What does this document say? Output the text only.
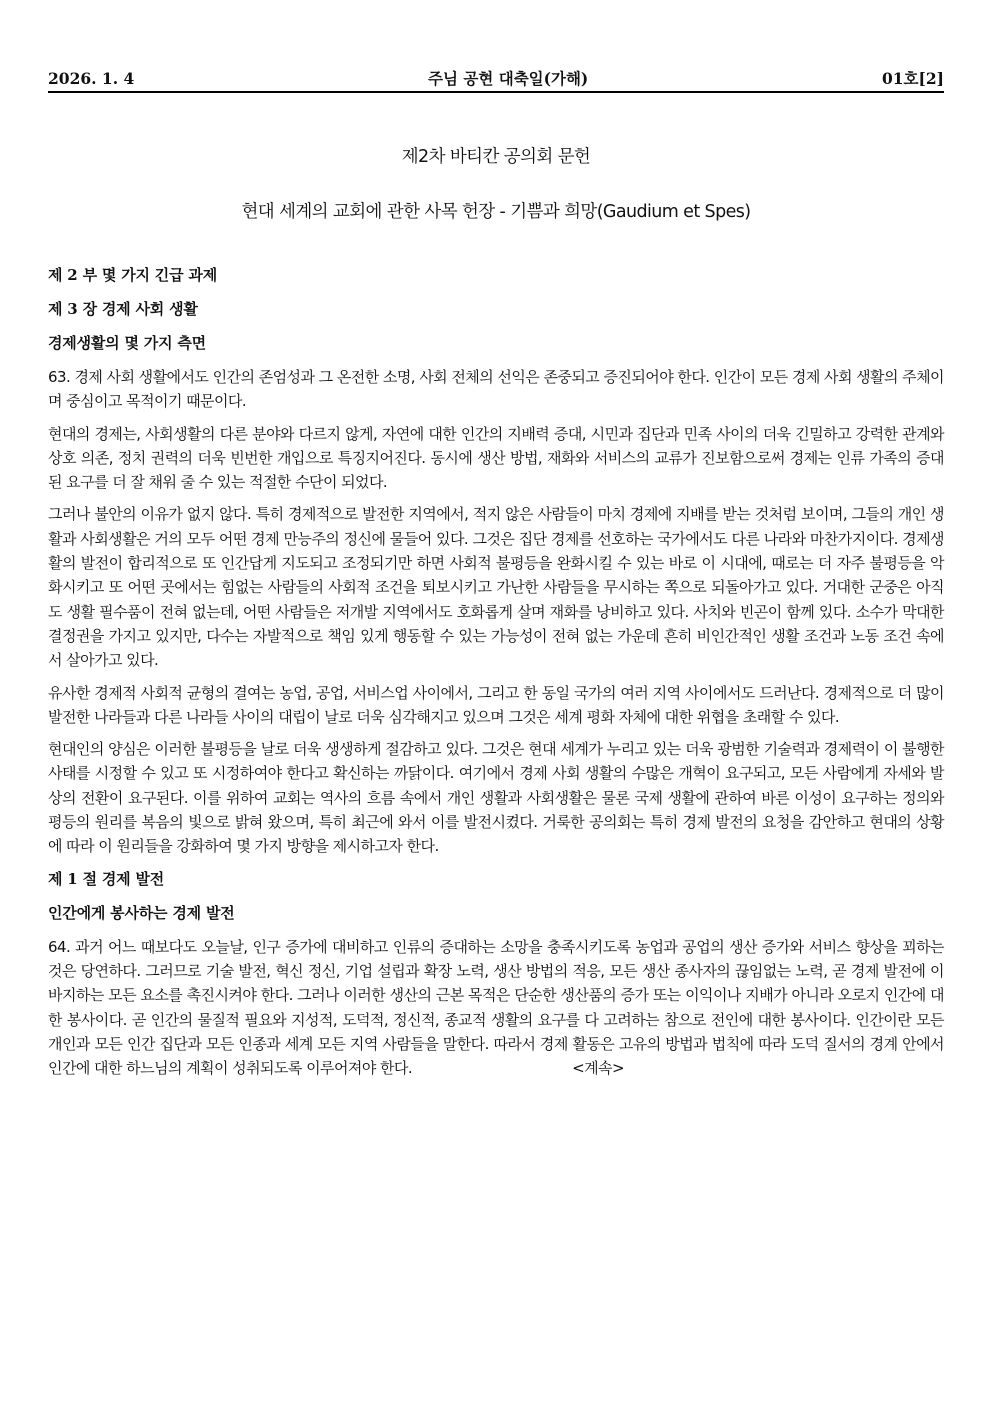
2026. 1. 4	주님 공현 대축일(가해)	01호[2]
제2차 바티칸 공의회 문헌
현대 세계의 교회에 관한 사목 헌장 - 기쁨과 희망(Gaudium et Spes)
제 2 부 몇 가지 긴급 과제
제 3 장 경제 사회 생활
경제생활의 몇 가지 측면

63. 경제 사회 생활에서도 인간의 존엄성과 그 온전한 소명, 사회 전체의 선익은 존중되고 증진되어야 한다. 인간이 모든 경제 사회 생활의 주체이며 중심이고 목적이기 때문이다.

현대의 경제는, 사회생활의 다른 분야와 다르지 않게, 자연에 대한 인간의 지배력 증대, 시민과 집단과 민족 사이의 더욱 긴밀하고 강력한 관계와 상호 의존, 정치 권력의 더욱 빈번한 개입으로 특징지어진다. 동시에 생산 방법, 재화와 서비스의 교류가 진보함으로써 경제는 인류 가족의 증대된 요구를 더 잘 채워 줄 수 있는 적절한 수단이 되었다.

그러나 불안의 이유가 없지 않다. 특히 경제적으로 발전한 지역에서, 적지 않은 사람들이 마치 경제에 지배를 받는 것처럼 보이며, 그들의 개인 생활과 사회생활은 거의 모두 어떤 경제 만능주의 정신에 물들어 있다. 그것은 집단 경제를 선호하는 국가에서도 다른 나라와 마찬가지이다. 경제생활의 발전이 합리적으로 또 인간답게 지도되고 조정되기만 하면 사회적 불평등을 완화시킬 수 있는 바로 이 시대에, 때로는 더 자주 불평등을 악화시키고 또 어떤 곳에서는 힘없는 사람들의 사회적 조건을 퇴보시키고 가난한 사람들을 무시하는 쪽으로 되돌아가고 있다. 거대한 군중은 아직도 생활 필수품이 전혀 없는데, 어떤 사람들은 저개발 지역에서도 호화롭게 살며 재화를 낭비하고 있다. 사치와 빈곤이 함께 있다. 소수가 막대한 결정권을 가지고 있지만, 다수는 자발적으로 책임 있게 행동할 수 있는 가능성이 전혀 없는 가운데 흔히 비인간적인 생활 조건과 노동 조건 속에서 살아가고 있다.

유사한 경제적 사회적 균형의 결여는 농업, 공업, 서비스업 사이에서, 그리고 한 동일 국가의 여러 지역 사이에서도 드러난다. 경제적으로 더 많이 발전한 나라들과 다른 나라들 사이의 대립이 날로 더욱 심각해지고 있으며 그것은 세계 평화 자체에 대한 위협을 초래할 수 있다.

현대인의 양심은 이러한 불평등을 날로 더욱 생생하게 절감하고 있다. 그것은 현대 세계가 누리고 있는 더욱 광범한 기술력과 경제력이 이 불행한 사태를 시정할 수 있고 또 시정하여야 한다고 확신하는 까닭이다. 여기에서 경제 사회 생활의 수많은 개혁이 요구되고, 모든 사람에게 자세와 발상의 전환이 요구된다. 이를 위하여 교회는 역사의 흐름 속에서 개인 생활과 사회생활은 물론 국제 생활에 관하여 바른 이성이 요구하는 정의와 평등의 원리를 복음의 빛으로 밝혀 왔으며, 특히 최근에 와서 이를 발전시켰다. 거룩한 공의회는 특히 경제 발전의 요청을 감안하고 현대의 상황에 따라 이 원리들을 강화하여 몇 가지 방향을 제시하고자 한다.

제 1 절 경제 발전
인간에게 봉사하는 경제 발전

64. 과거 어느 때보다도 오늘날, 인구 증가에 대비하고 인류의 증대하는 소망을 충족시키도록 농업과 공업의 생산 증가와 서비스 향상을 꾀하는 것은 당연하다. 그러므로 기술 발전, 혁신 정신, 기업 설립과 확장 노력, 생산 방법의 적응, 모든 생산 종사자의 끊임없는 노력, 곧 경제 발전에 이바지하는 모든 요소를 촉진시켜야 한다. 그러나 이러한 생산의 근본 목적은 단순한 생산품의 증가 또는 이익이나 지배가 아니라 오로지 인간에 대한 봉사이다. 곧 인간의 물질적 필요와 지성적, 도덕적, 정신적, 종교적 생활의 요구를 다 고려하는 참으로 전인에 대한 봉사이다. 인간이란 모든 개인과 모든 인간 집단과 모든 인종과 세계 모든 지역 사람들을 말한다. 따라서 경제 활동은 고유의 방법과 법칙에 따라 도덕 질서의 경계 안에서 인간에 대한 하느님의 계획이 성취되도록 이루어져야 한다.	<계속>
